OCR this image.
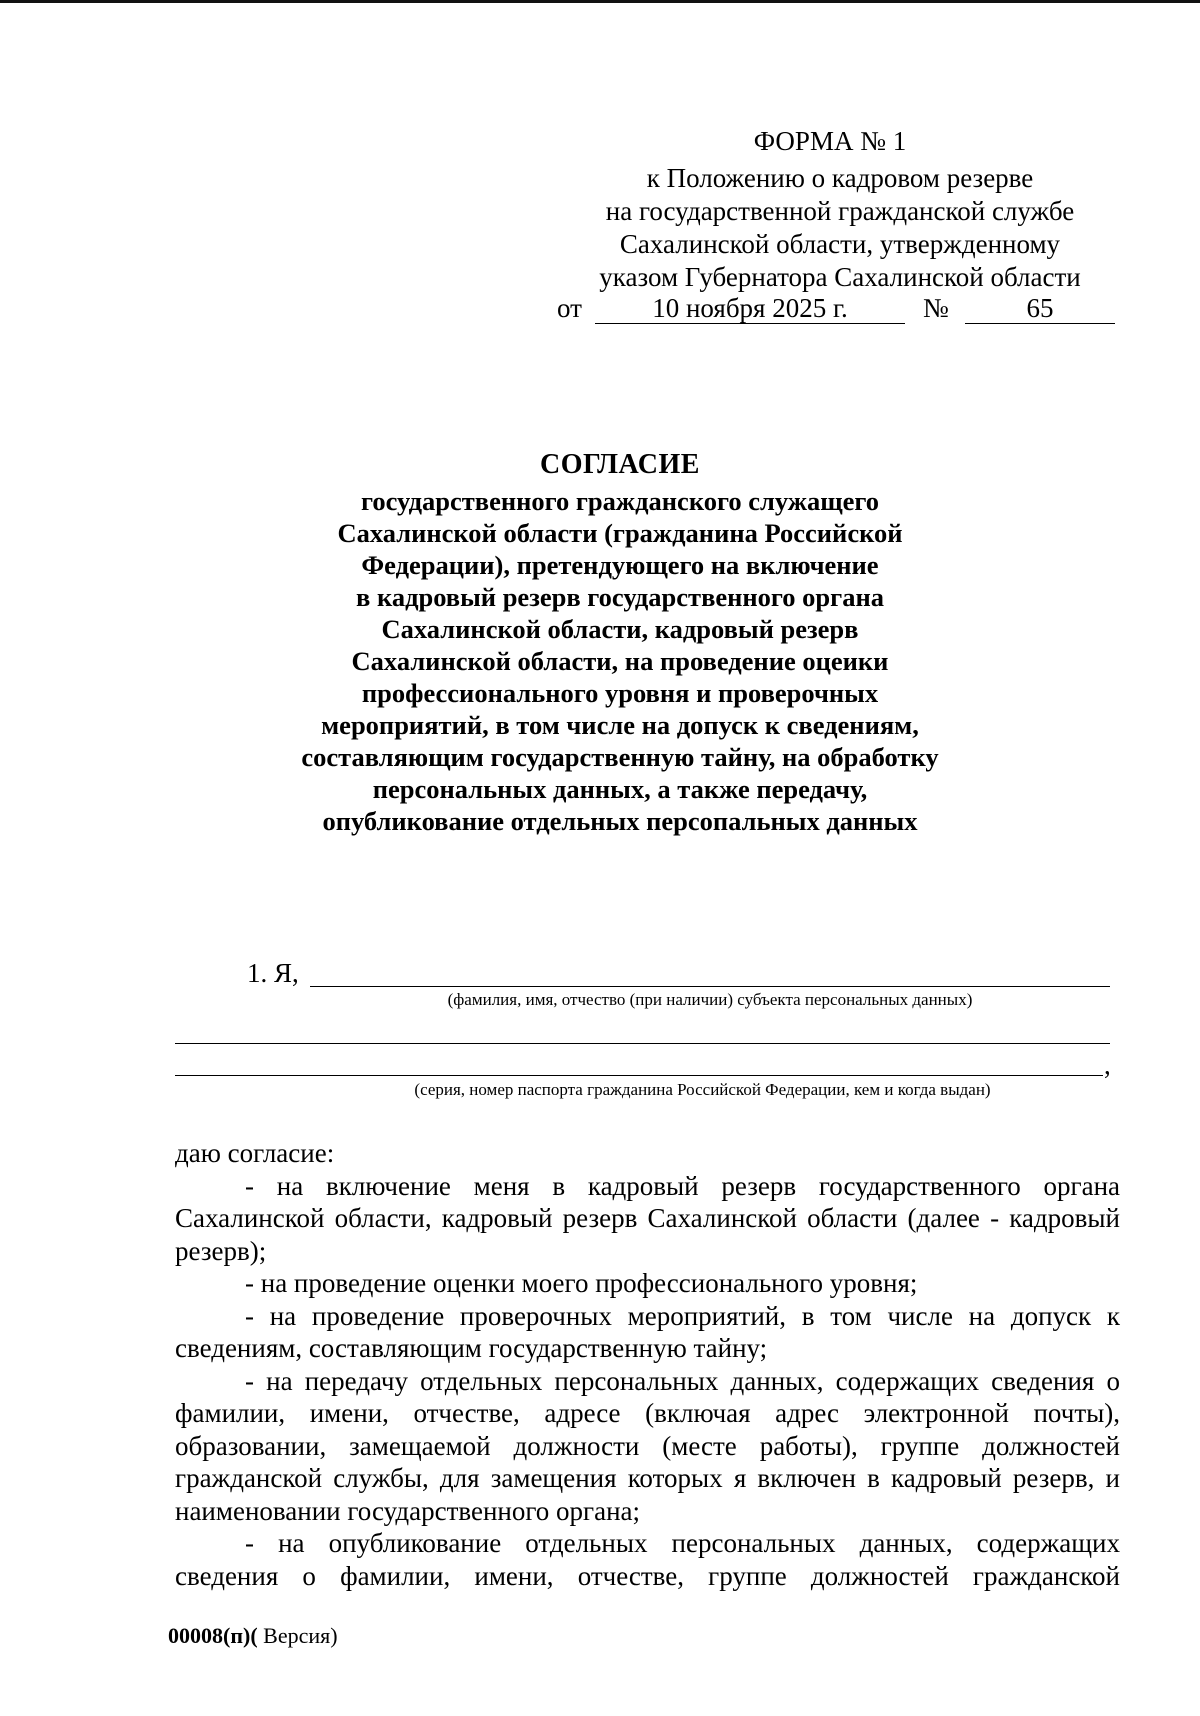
ФОРМА № 1
к Положению о кадровом резерве
на государственной гражданской службе
Сахалинской области, утвержденному
указом Губернатора Сахалинской области
от	10 ноября 2025 г.	№	65
СОГЛАСИЕ
государственного гражданского служащего
Сахалинской области (гражданина Российской
Федерации), претендующего на включение
в кадровый резерв государственного органа
Сахалинской области, кадровый резерв
Сахалинской области, на проведение оцеики
профессионального уровня и проверочных
мероприятий, в том числе на допуск к сведениям,
составляющим государственную тайну, на обработку
персональных данных, а также передачу,
опубликование отдельных персопальных данных
1. Я,
(фамилия, имя, отчество (при наличии) субъекта персональных данных)
,
(серия, номер паспорта гражданина Российской Федерации, кем и когда выдан)

даю согласие:

- на включение меня в кадровый резерв государственного органа Сахалинской области, кадровый резерв Сахалинской области (далее - кадровый резерв);

- на проведение оценки моего профессионального уровня;

- на проведение проверочных мероприятий, в том числе на допуск к сведениям, составляющим государственную тайну;

- на передачу отдельных персональных данных, содержащих сведения о фамилии, имени, отчестве, адресе (включая адрес электронной почты), образовании, замещаемой должности (месте работы), группе должностей гражданской службы, для замещения которых я включен в кадровый резерв, и наименовании государственного органа;

- на опубликование отдельных персональных данных, содержащих сведения о фамилии, имени, отчестве, группе должностей гражданской

00008(п)( Версия)
